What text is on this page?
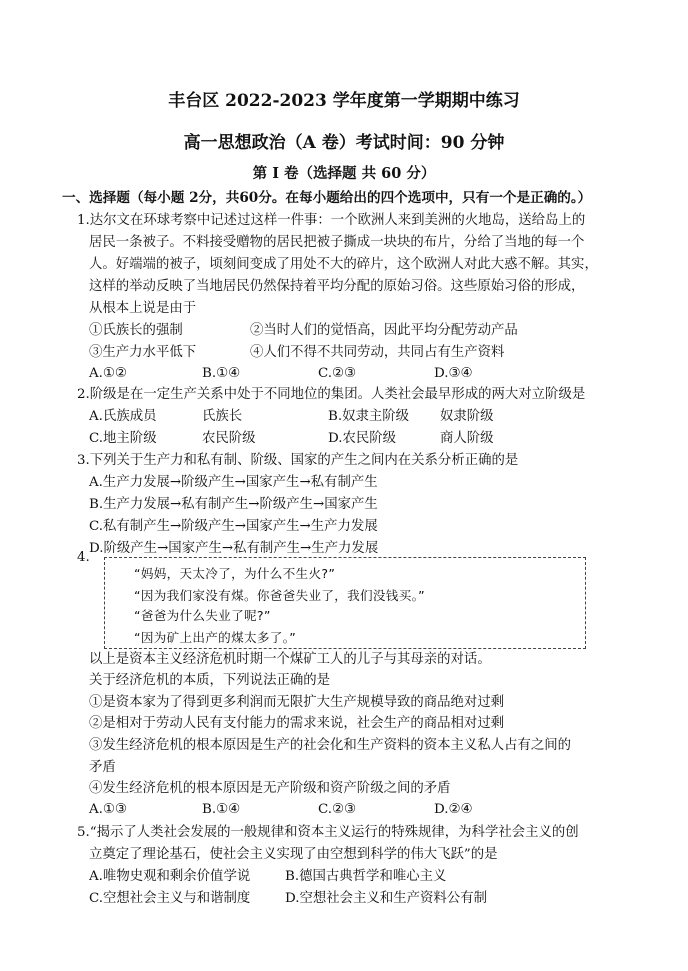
丰台区 2022-2023 学年度第一学期期中练习
高一思想政治（A 卷）考试时间：90 分钟
第 I 卷（选择题 共 60 分）
一、选择题（每小题 2分，共60分。在每小题给出的四个选项中，只有一个是正确的。）
1.达尔文在环球考察中记述过这样一件事：一个欧洲人来到美洲的火地岛，送给岛上的
居民一条被子。不料接受赠物的居民把被子撕成一块块的布片，分给了当地的每一个
人。好端端的被子，顷刻间变成了用处不大的碎片，这个欧洲人对此大惑不解。其实，
这样的举动反映了当地居民仍然保持着平均分配的原始习俗。这些原始习俗的形成，
从根本上说是由于
①氏族长的强制	②当时人们的觉悟高，因此平均分配劳动产品
③生产力水平低下	④人们不得不共同劳动，共同占有生产资料
A.①②	B.①④	C.②③	D.③④
2.阶级是在一定生产关系中处于不同地位的集团。人类社会最早形成的两大对立阶级是
A.氏族成员	氏族长	B.奴隶主阶级 奴隶阶级
C.地主阶级	农民阶级	D.农民阶级	商人阶级
3.下列关于生产力和私有制、阶级、国家的产生之间内在关系分析正确的是
A.生产力发展→阶级产生→国家产生→私有制产生
B.生产力发展→私有制产生→阶级产生→国家产生
C.私有制产生→阶级产生→国家产生→生产力发展
D.阶级产生→国家产生→私有制产生→生产力发展
4.
“妈妈，天太冷了，为什么不生火?”
“因为我们家没有煤。你爸爸失业了，我们没钱买。”
“爸爸为什么失业了呢?”
“因为矿上出产的煤太多了。”
以上是资本主义经济危机时期一个煤矿工人的儿子与其母亲的对话。
关于经济危机的本质，下列说法正确的是
①是资本家为了得到更多利润而无限扩大生产规模导致的商品绝对过剩
②是相对于劳动人民有支付能力的需求来说，社会生产的商品相对过剩
③发生经济危机的根本原因是生产的社会化和生产资料的资本主义私人占有之间的
矛盾
④发生经济危机的根本原因是无产阶级和资产阶级之间的矛盾
A.①③	B.①④	C.②③	D.②④
5.“揭示了人类社会发展的一般规律和资本主义运行的特殊规律，为科学社会主义的创
立奠定了理论基石，使社会主义实现了由空想到科学的伟大飞跃”的是
A.唯物史观和剩余价值学说	B.德国古典哲学和唯心主义
C.空想社会主义与和谐制度	D.空想社会主义和生产资料公有制
